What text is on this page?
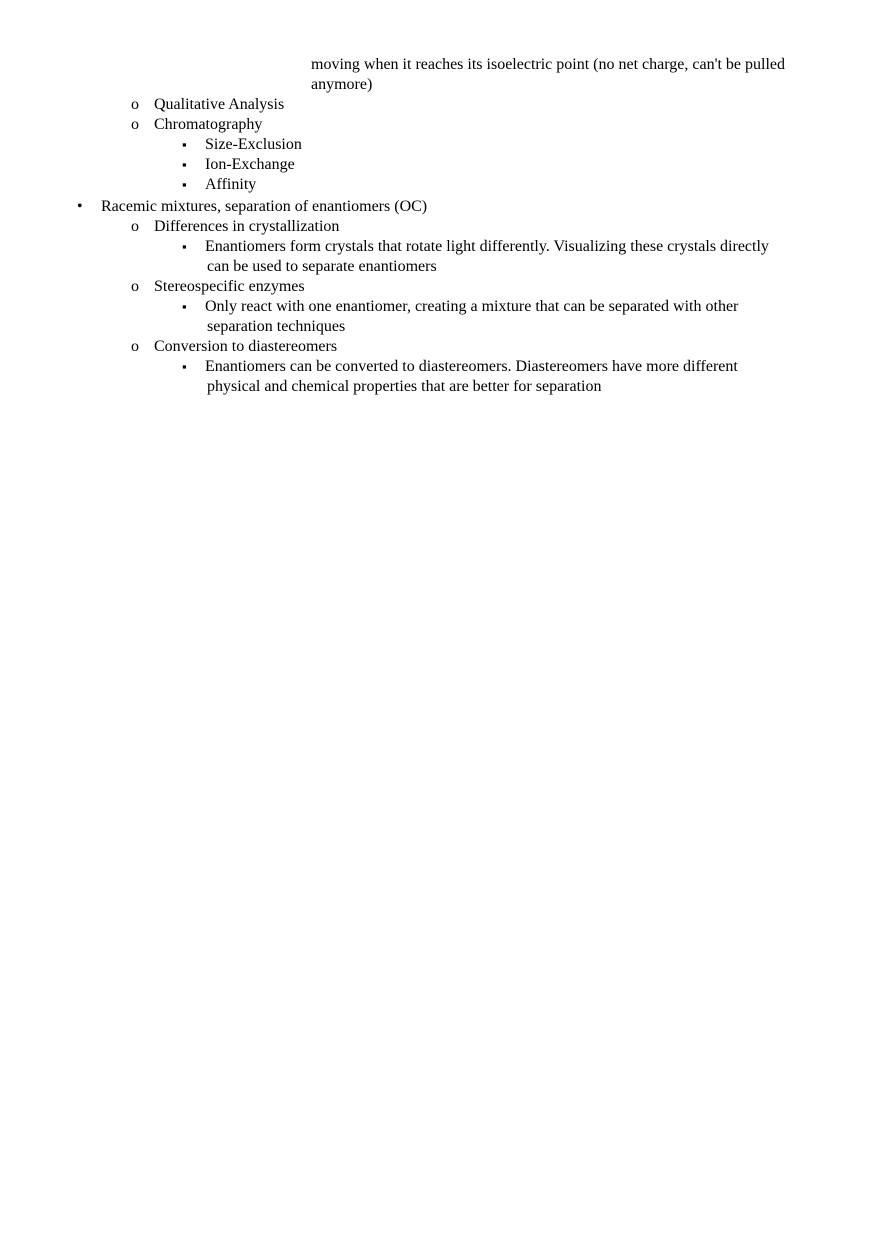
moving when it reaches its isoelectric point (no net charge, can't be pulled
anymore)
o Qualitative Analysis
o Chromatography
▪ Size-Exclusion
▪ Ion-Exchange
▪ Affinity
• Racemic mixtures, separation of enantiomers (OC)
o Differences in crystallization
▪ Enantiomers form crystals that rotate light differently. Visualizing these crystals directly
can be used to separate enantiomers
o Stereospecific enzymes
▪ Only react with one enantiomer, creating a mixture that can be separated with other
separation techniques
o Conversion to diastereomers
▪ Enantiomers can be converted to diastereomers. Diastereomers have more different
physical and chemical properties that are better for separation
